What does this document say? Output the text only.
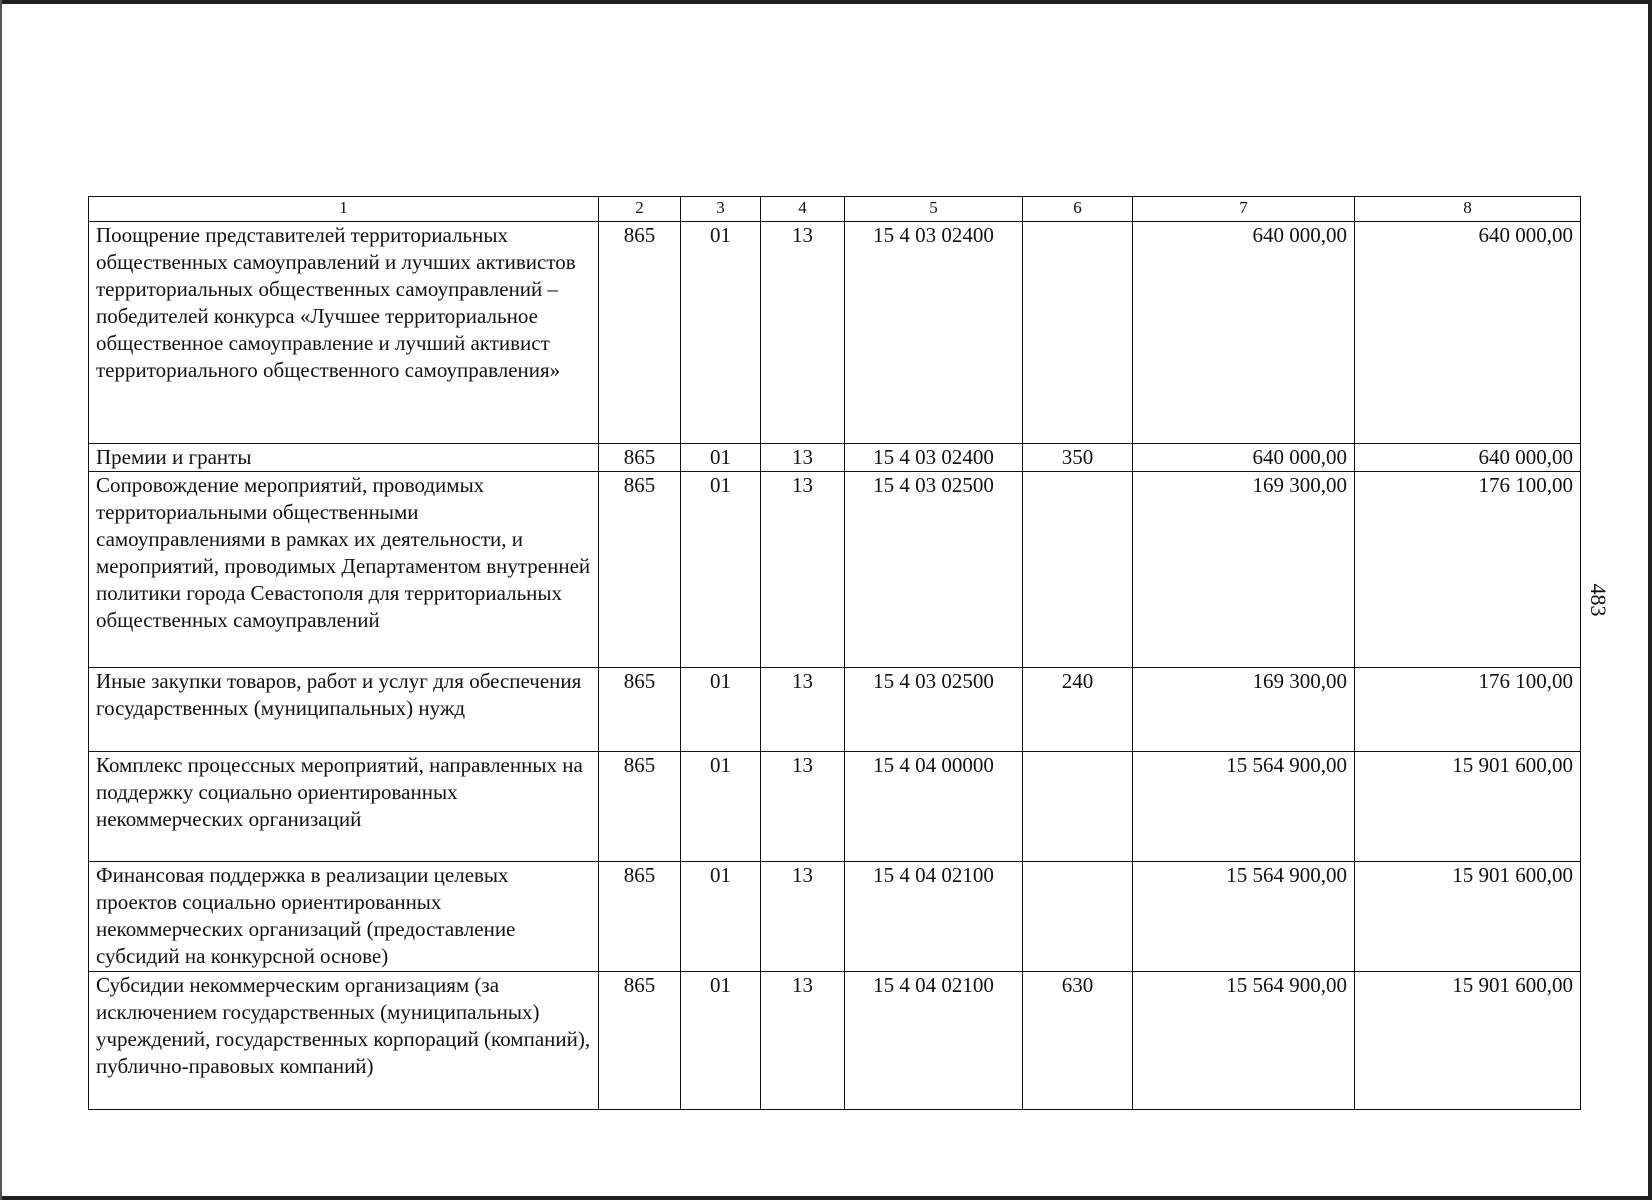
483
1	2	3	4	5	6	7	8
Поощрение представителей территориальных общественных самоуправлений и лучших активистов территориальных общественных самоуправлений – победителей конкурса «Лучшее территориальное общественное самоуправление и лучший активист территориального общественного самоуправления»	865	01	13	15 4 03 02400		640 000,00	640 000,00
Премии и гранты	865	01	13	15 4 03 02400	350	640 000,00	640 000,00
Сопровождение мероприятий, проводимых территориальными общественными самоуправлениями в рамках их деятельности, и мероприятий, проводимых Департаментом внутренней политики города Севастополя для территориальных общественных самоуправлений	865	01	13	15 4 03 02500		169 300,00	176 100,00
Иные закупки товаров, работ и услуг для обеспечения государственных (муниципальных) нужд	865	01	13	15 4 03 02500	240	169 300,00	176 100,00
Комплекс процессных мероприятий, направленных на поддержку социально ориентированных некоммерческих организаций	865	01	13	15 4 04 00000		15 564 900,00	15 901 600,00
Финансовая поддержка в реализации целевых проектов социально ориентированных некоммерческих организаций (предоставление субсидий на конкурсной основе)	865	01	13	15 4 04 02100		15 564 900,00	15 901 600,00
Субсидии некоммерческим организациям (за исключением государственных (муниципальных) учреждений, государственных корпораций (компаний), публично-правовых компаний)	865	01	13	15 4 04 02100	630	15 564 900,00	15 901 600,00
